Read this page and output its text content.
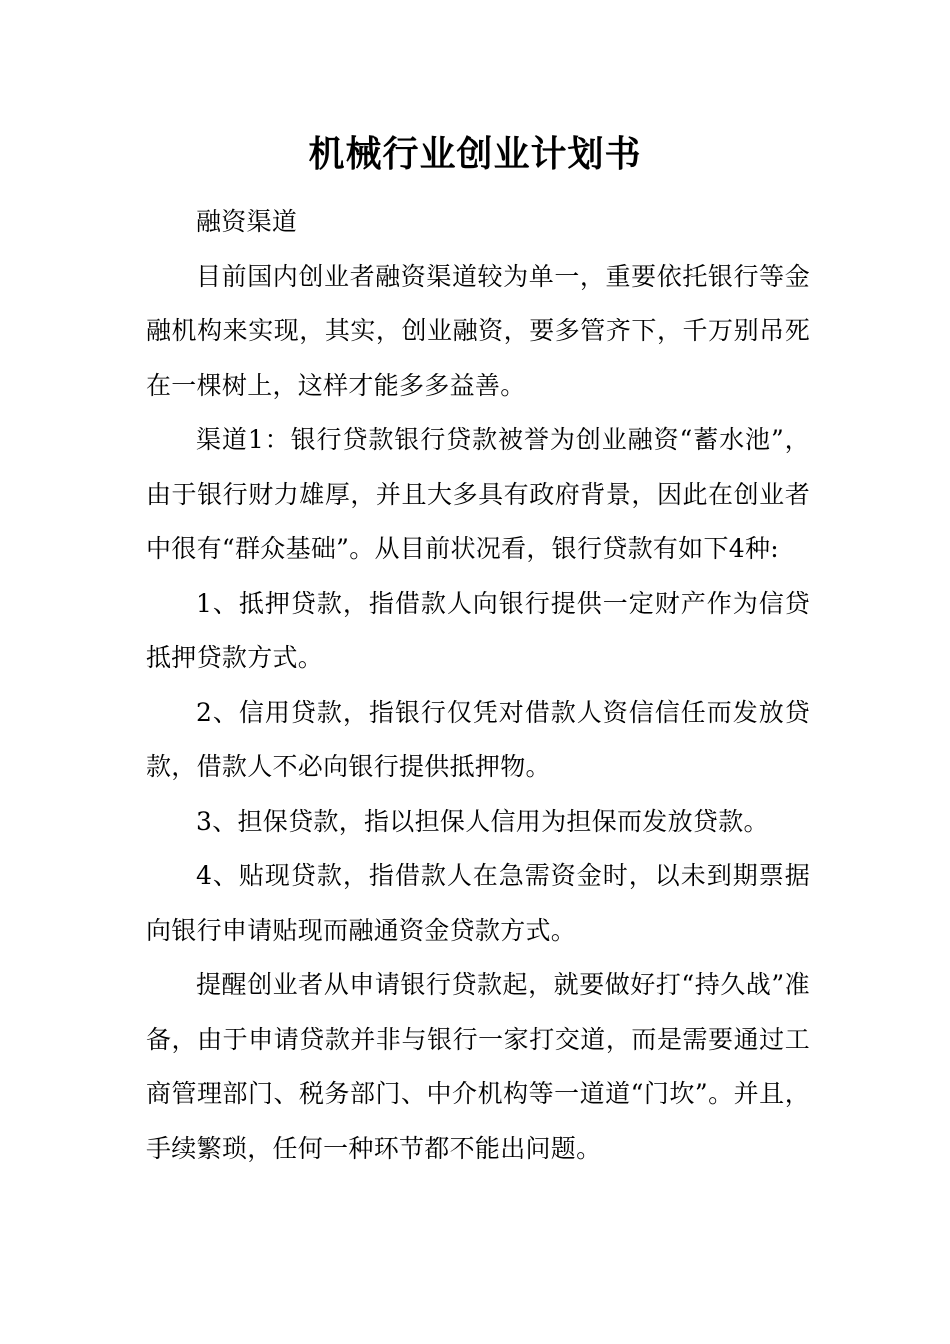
机械行业创业计划书

融资渠道

目前国内创业者融资渠道较为单一，重要依托银行等金融机构来实现，其实，创业融资，要多管齐下，千万别吊死在一棵树上，这样才能多多益善。

渠道1：银行贷款银行贷款被誉为创业融资“蓄水池”，由于银行财力雄厚，并且大多具有政府背景，因此在创业者中很有“群众基础”。从目前状况看，银行贷款有如下4种:

1、抵押贷款，指借款人向银行提供一定财产作为信贷抵押贷款方式。

2、信用贷款，指银行仅凭对借款人资信信任而发放贷款，借款人不必向银行提供抵押物。

3、担保贷款，指以担保人信用为担保而发放贷款。

4、贴现贷款，指借款人在急需资金时，以未到期票据向银行申请贴现而融通资金贷款方式。

提醒创业者从申请银行贷款起，就要做好打“持久战”准备，由于申请贷款并非与银行一家打交道，而是需要通过工商管理部门、税务部门、中介机构等一道道“门坎”。并且，手续繁琐，任何一种环节都不能出问题。
